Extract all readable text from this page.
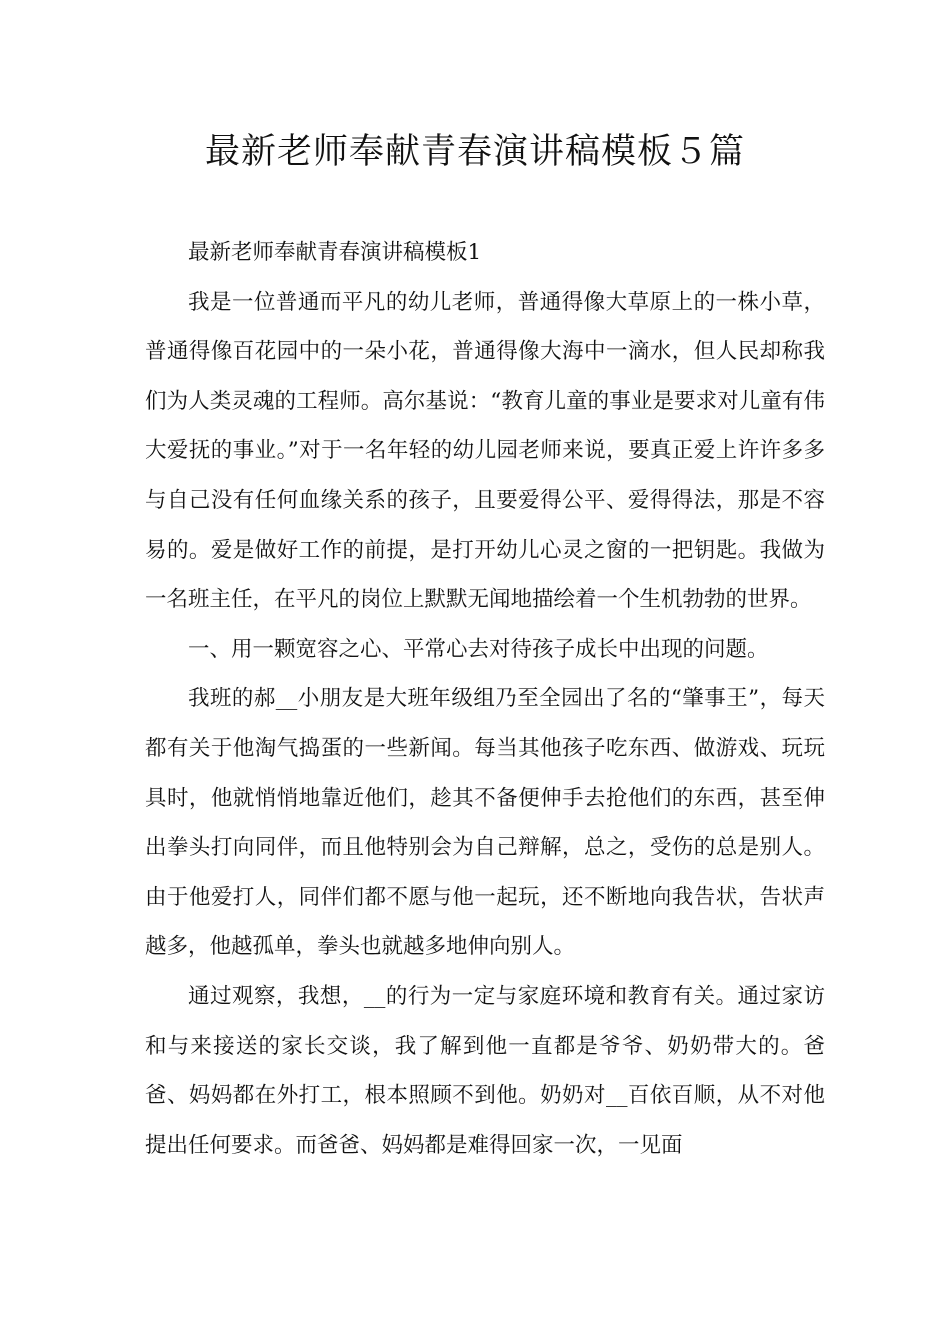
最新老师奉献青春演讲稿模板５篇

最新老师奉献青春演讲稿模板1

我是一位普通而平凡的幼儿老师，普通得像大草原上的一株小草，普通得像百花园中的一朵小花，普通得像大海中一滴水，但人民却称我们为人类灵魂的工程师。高尔基说：“教育儿童的事业是要求对儿童有伟大爱抚的事业。”对于一名年轻的幼儿园老师来说，要真正爱上许许多多与自己没有任何血缘关系的孩子，且要爱得公平、爱得得法，那是不容易的。爱是做好工作的前提，是打开幼儿心灵之窗的一把钥匙。我做为一名班主任，在平凡的岗位上默默无闻地描绘着一个生机勃勃的世界。

一、用一颗宽容之心、平常心去对待孩子成长中出现的问题。

我班的郝__小朋友是大班年级组乃至全园出了名的“肇事王”，每天都有关于他淘气捣蛋的一些新闻。每当其他孩子吃东西、做游戏、玩玩具时，他就悄悄地靠近他们，趁其不备便伸手去抢他们的东西，甚至伸出拳头打向同伴，而且他特别会为自己辩解，总之，受伤的总是别人。由于他爱打人，同伴们都不愿与他一起玩，还不断地向我告状，告状声越多，他越孤单，拳头也就越多地伸向别人。

通过观察，我想，__的行为一定与家庭环境和教育有关。通过家访和与来接送的家长交谈，我了解到他一直都是爷爷、奶奶带大的。爸爸、妈妈都在外打工，根本照顾不到他。奶奶对__百依百顺，从不对他提出任何要求。而爸爸、妈妈都是难得回家一次，一见面
